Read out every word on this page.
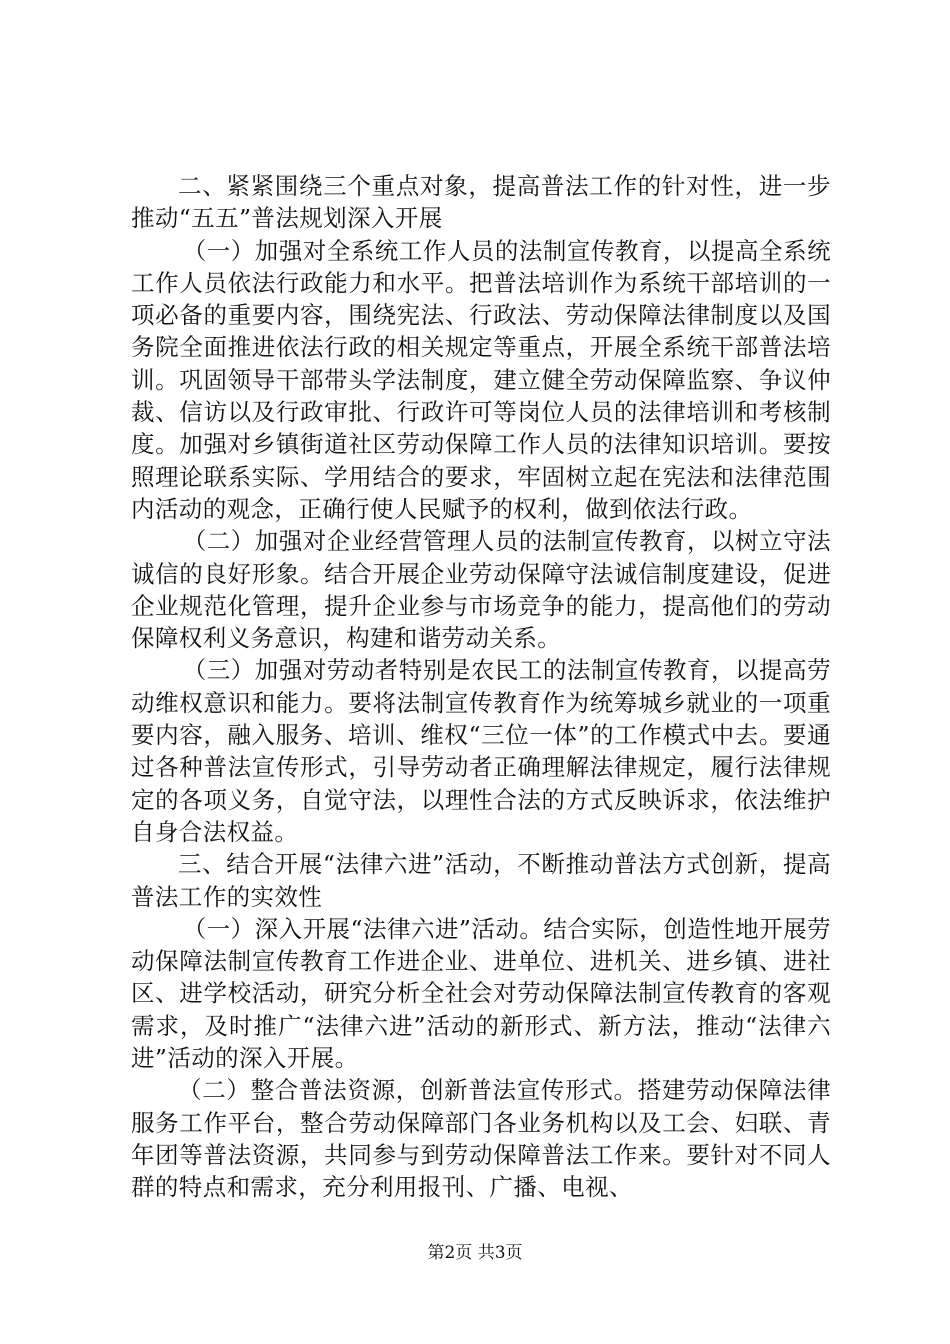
二、紧紧围绕三个重点对象，提高普法工作的针对性，进一步推动“五五”普法规划深入开展

（一）加强对全系统工作人员的法制宣传教育，以提高全系统工作人员依法行政能力和水平。把普法培训作为系统干部培训的一项必备的重要内容，围绕宪法、行政法、劳动保障法律制度以及国务院全面推进依法行政的相关规定等重点，开展全系统干部普法培训。巩固领导干部带头学法制度，建立健全劳动保障监察、争议仲裁、信访以及行政审批、行政许可等岗位人员的法律培训和考核制度。加强对乡镇街道社区劳动保障工作人员的法律知识培训。要按照理论联系实际、学用结合的要求，牢固树立起在宪法和法律范围内活动的观念，正确行使人民赋予的权利，做到依法行政。

（二）加强对企业经营管理人员的法制宣传教育，以树立守法诚信的良好形象。结合开展企业劳动保障守法诚信制度建设，促进企业规范化管理，提升企业参与市场竞争的能力，提高他们的劳动保障权利义务意识，构建和谐劳动关系。

（三）加强对劳动者特别是农民工的法制宣传教育，以提高劳动维权意识和能力。要将法制宣传教育作为统筹城乡就业的一项重要内容，融入服务、培训、维权“三位一体”的工作模式中去。要通过各种普法宣传形式，引导劳动者正确理解法律规定，履行法律规定的各项义务，自觉守法，以理性合法的方式反映诉求，依法维护自身合法权益。

三、结合开展“法律六进”活动，不断推动普法方式创新，提高普法工作的实效性

（一）深入开展“法律六进”活动。结合实际，创造性地开展劳动保障法制宣传教育工作进企业、进单位、进机关、进乡镇、进社区、进学校活动，研究分析全社会对劳动保障法制宣传教育的客观需求，及时推广“法律六进”活动的新形式、新方法，推动“法律六进”活动的深入开展。

（二）整合普法资源，创新普法宣传形式。搭建劳动保障法律服务工作平台，整合劳动保障部门各业务机构以及工会、妇联、青年团等普法资源，共同参与到劳动保障普法工作来。要针对不同人群的特点和需求，充分利用报刊、广播、电视、

第2页 共3页
